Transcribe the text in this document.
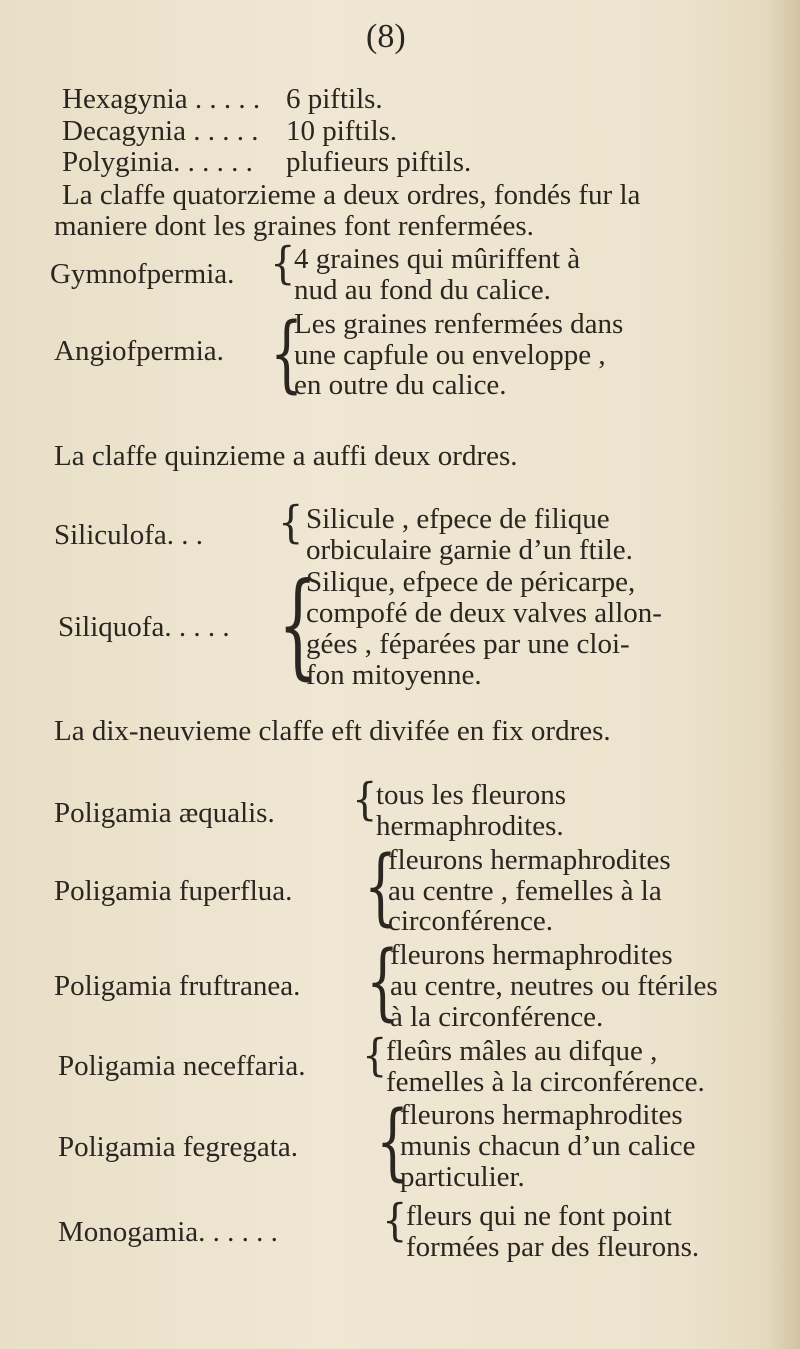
(8)
Hexagynia . . . . . 6 piftils.
Decagynia . . . . . 10 piftils.
Polyginia. . . . . . plufieurs piftils.
La claffe quatorzieme a deux ordres, fondés fur la
maniere dont les graines font renfermées.
Gymnofpermia. {
4 graines qui mûriffent à
nud au fond du calice.
Angiofpermia. {
Les graines renfermées dans
une capfule ou enveloppe ,
en outre du calice.
La claffe quinzieme a auffi deux ordres.
Siliculofa. . . { Silicule , efpece de filique
orbiculaire garnie d’un ftile.
Siliquofa. . . . . {
Silique, efpece de péricarpe,
compofé de deux valves allon-
gées , féparées par une cloi-
fon mitoyenne.
La dix-neuvieme claffe eft divifée en fix ordres.
Poligamia æqualis. {
tous les fleurons
hermaphrodites.
Poligamia fuperflua. {
fleurons hermaphrodites
au centre , femelles à la
circonférence.
Poligamia fruftranea. {
fleurons hermaphrodites
au centre, neutres ou ftériles
à la circonférence.
Poligamia neceffaria. {
fleûrs mâles au difque ,
femelles à la circonférence.
Poligamia fegregata. {
fleurons hermaphrodites
munis chacun d’un calice
particulier.
Monogamia. . . . . .	{
fleurs qui ne font point
formées par des fleurons.
